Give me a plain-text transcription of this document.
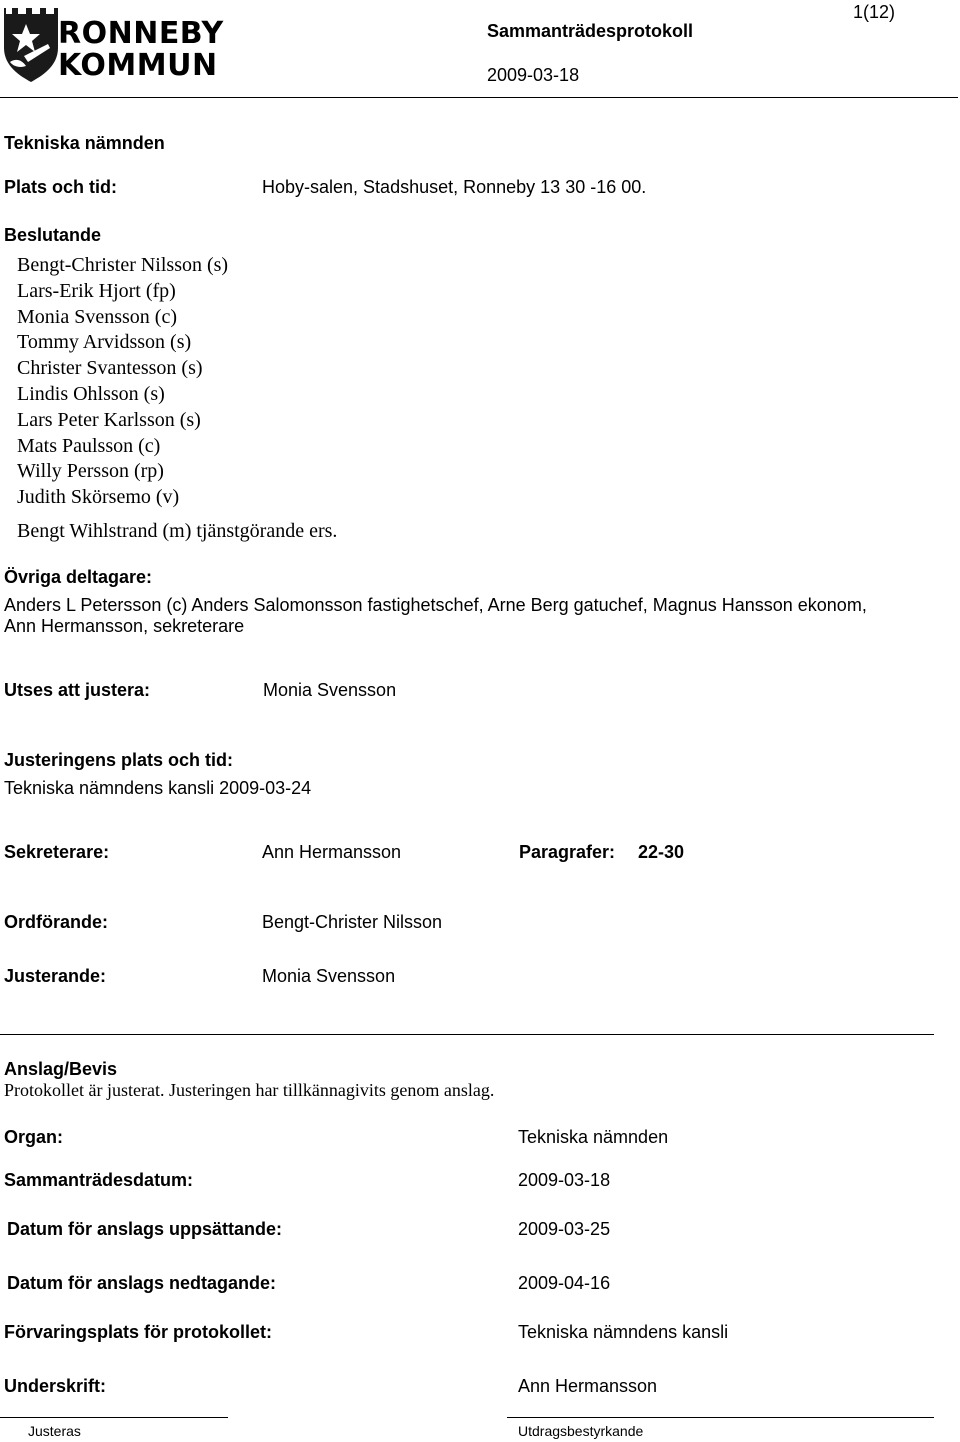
RONNEBY
KOMMUN
1(12)
Sammanträdesprotokoll
2009-03-18
Tekniska nämnden
Plats och tid:	Hoby-salen, Stadshuset, Ronneby 13 30 -16 00.
Beslutande
Bengt-Christer Nilsson (s)
Lars-Erik Hjort (fp)
Monia Svensson (c)
Tommy Arvidsson (s)
Christer Svantesson (s)
Lindis Ohlsson (s)
Lars Peter Karlsson (s)
Mats Paulsson (c)
Willy Persson (rp)
Judith Skörsemo (v)
Bengt Wihlstrand (m) tjänstgörande ers.
Övriga deltagare:
Anders L Petersson (c) Anders Salomonsson fastighetschef, Arne Berg gatuchef, Magnus Hansson ekonom,
Ann Hermansson, sekreterare
Utses att justera:	Monia Svensson
Justeringens plats och tid:
Tekniska nämndens kansli 2009-03-24
Sekreterare:	Ann Hermansson	Paragrafer: 22-30
Ordförande:	Bengt-Christer Nilsson
Justerande:	Monia Svensson
Anslag/Bevis
Protokollet är justerat. Justeringen har tillkännagivits genom anslag.
Organ:	Tekniska nämnden
Sammanträdesdatum:	2009-03-18
Datum för anslags uppsättande:	2009-03-25
Datum för anslags nedtagande:	2009-04-16
Förvaringsplats för protokollet:	Tekniska nämndens kansli
Underskrift:	Ann Hermansson
Justeras	Utdragsbestyrkande
